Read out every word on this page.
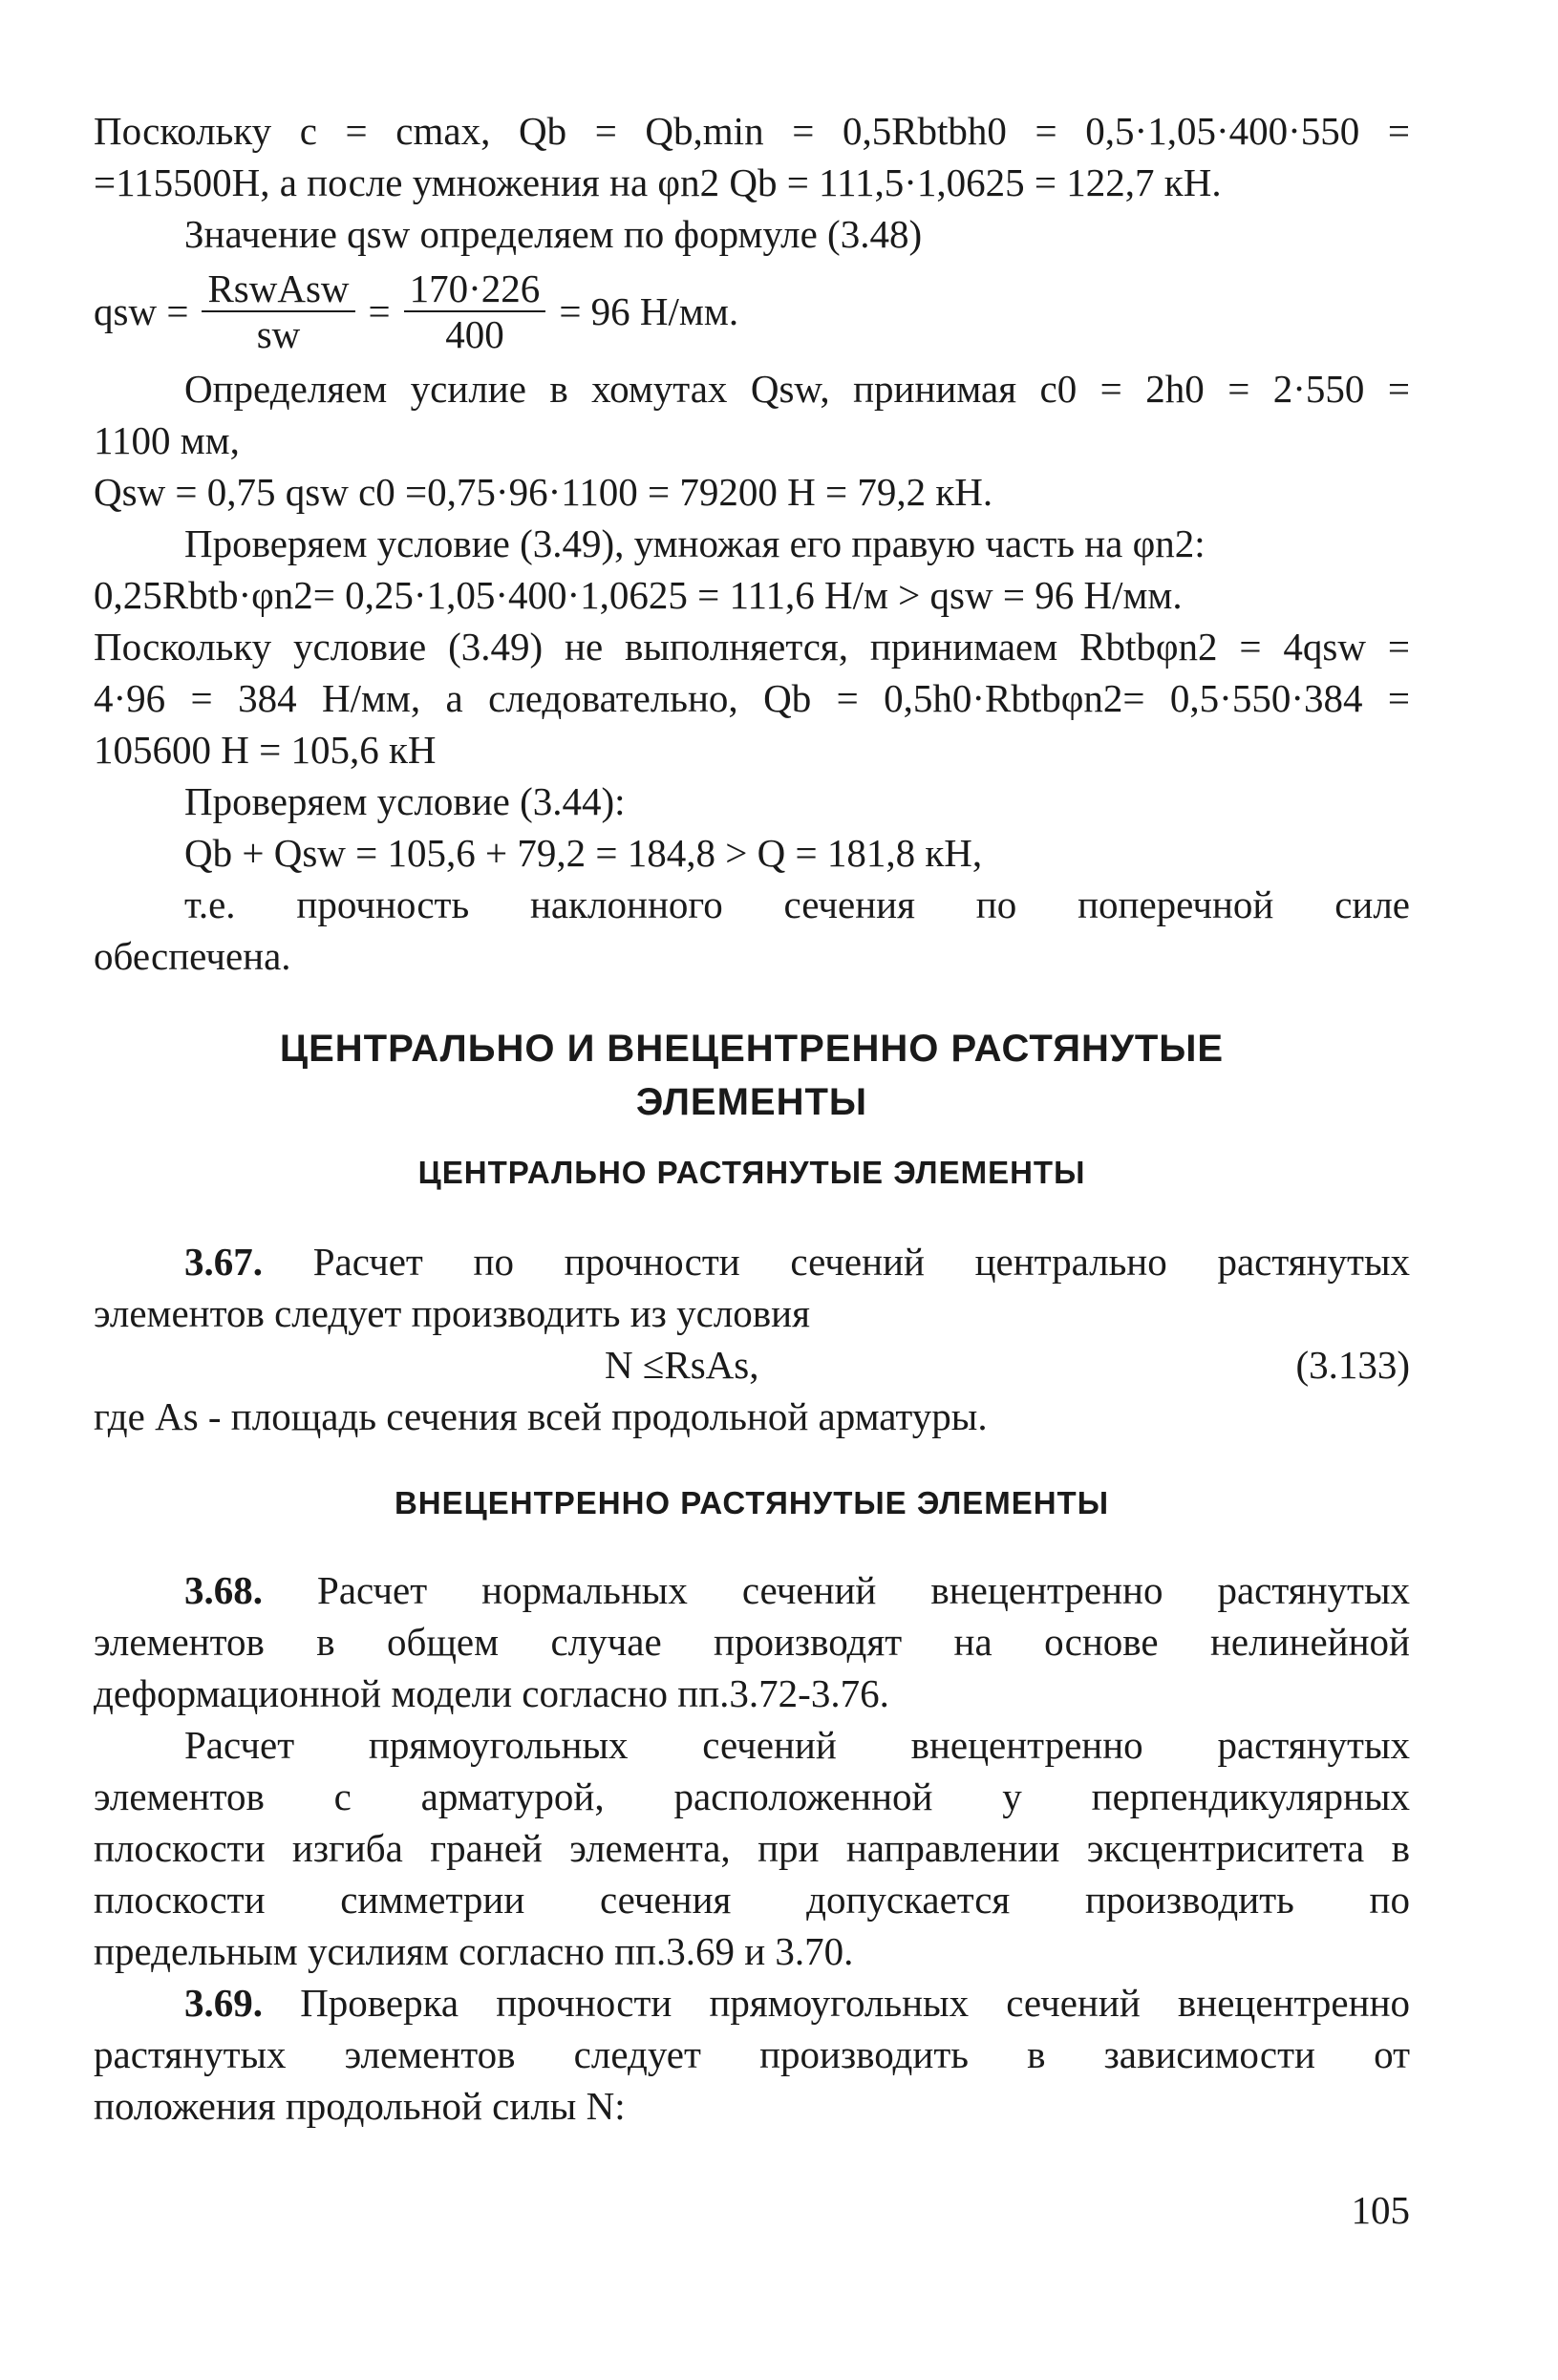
Поскольку c = cmax, Qb = Qb,min = 0,5Rbtbh0 = 0,5·1,05·400·550 =
=115500Н, а после умножения на φn2 Qb = 111,5·1,0625 = 122,7 кН.
Значение qsw определяем по формуле (3.48)
qsw = $\frac{\text{RswAsw}}{sw} = \frac{170\cdot 226}{400} = 96$ Н/мм.
Определяем усилие в хомутах Qsw, принимая c0 = 2h0 = 2·550 =
1100 мм,
Qsw = 0,75 qsw c0 =0,75·96·1100 = 79200 Н = 79,2 кН.
Проверяем условие (3.49), умножая его правую часть на φn2:
0,25Rbtb·φn2= 0,25·1,05·400·1,0625 = 111,6 Н/м > qsw = 96 Н/мм.
Поскольку условие (3.49) не выполняется, принимаем Rbtbφn2 = 4qsw =
4·96 = 384 Н/мм, а следовательно, Qb = 0,5h0·Rbtbφn2= 0,5·550·384 =
105600 Н = 105,6 кН
Проверяем условие (3.44):
Qb + Qsw = 105,6 + 79,2 = 184,8 > Q = 181,8 кН,
т.е. прочность наклонного сечения по поперечной силе
обеспечена.
ЦЕНТРАЛЬНО И ВНЕЦЕНТРЕННО РАСТЯНУТЫЕ
ЭЛЕМЕНТЫ
ЦЕНТРАЛЬНО РАСТЯНУТЫЕ ЭЛЕМЕНТЫ
3.67. Расчет по прочности сечений центрально растянутых
элементов следует производить из условия
N ≤RsAs,	(3.133)
где As - площадь сечения всей продольной арматуры.
ВНЕЦЕНТРЕННО РАСТЯНУТЫЕ ЭЛЕМЕНТЫ
3.68. Расчет нормальных сечений внецентренно растянутых
элементов в общем случае производят на основе нелинейной
деформационной модели согласно пп.3.72-3.76.
Расчет прямоугольных сечений внецентренно растянутых
элементов с арматурой, расположенной у перпендикулярных
плоскости изгиба граней элемента, при направлении эксцентриситета в
плоскости симметрии сечения допускается производить по
предельным усилиям согласно пп.3.69 и 3.70.
3.69. Проверка прочности прямоугольных сечений внецентренно
растянутых элементов следует производить в зависимости от
положения продольной силы N:
105
